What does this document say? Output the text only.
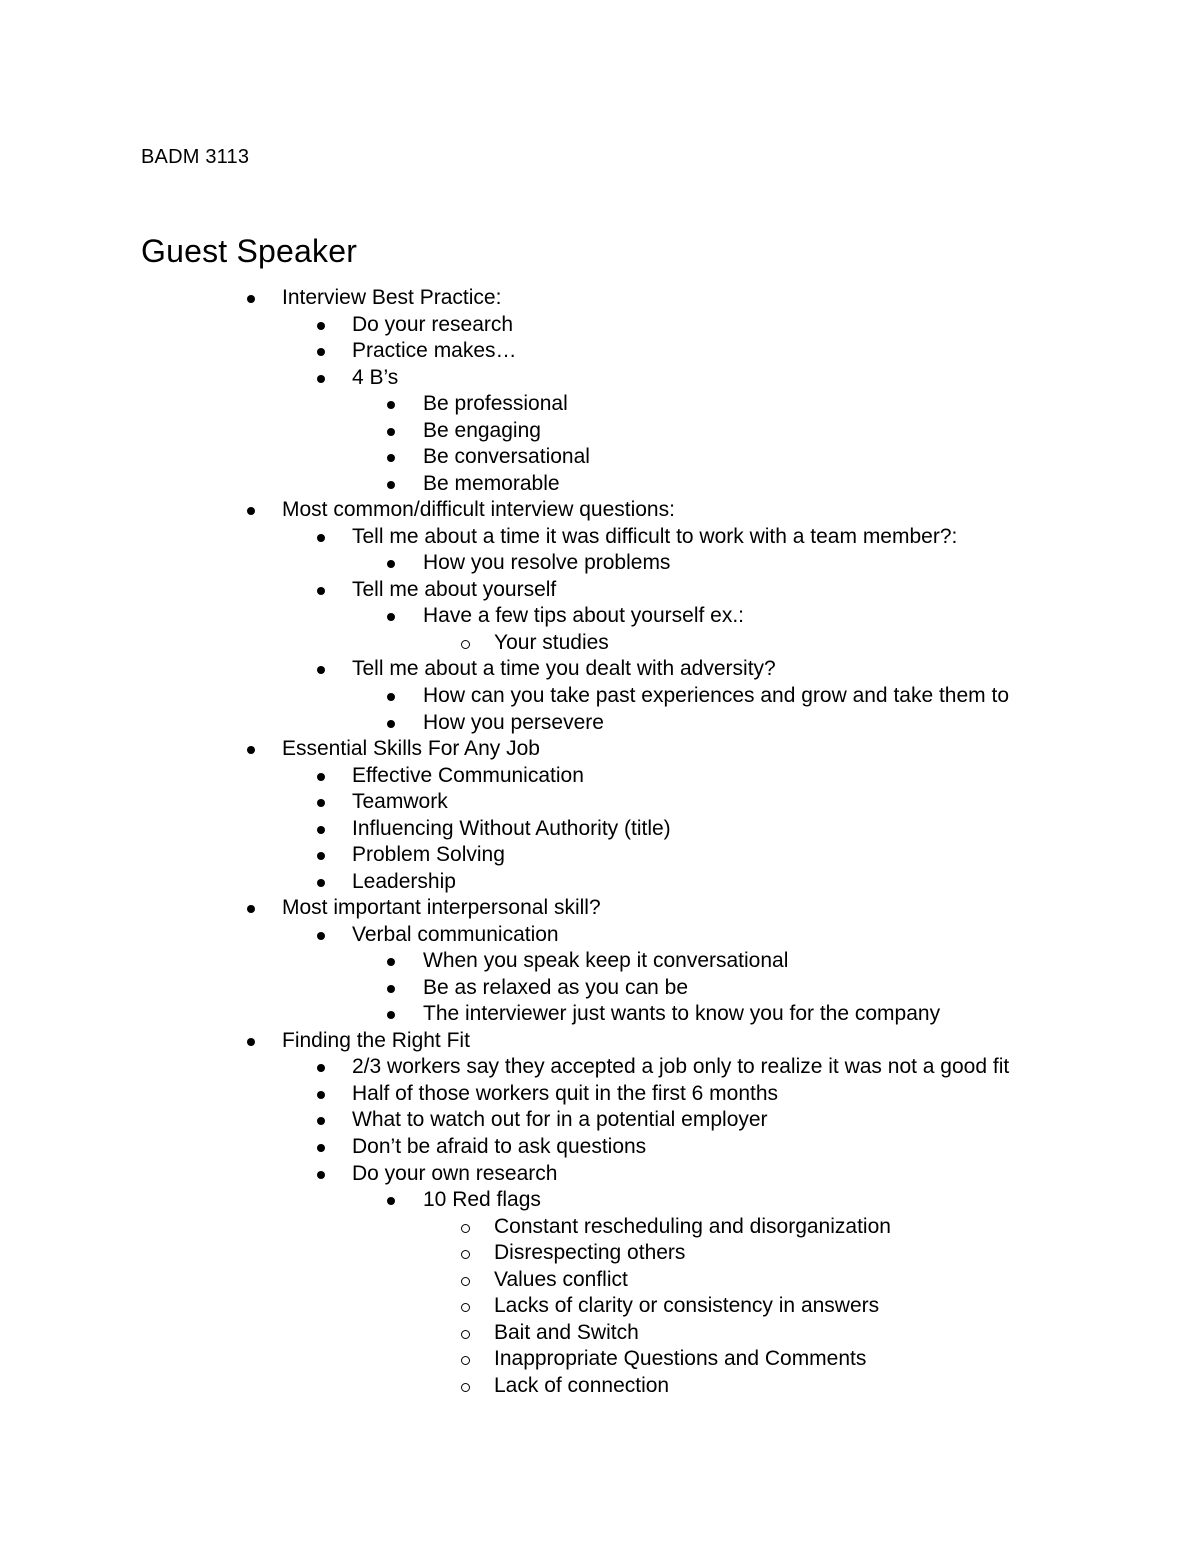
BADM 3113
Guest Speaker
Interview Best Practice:
Do your research
Practice makes…
4 B’s
Be professional
Be engaging
Be conversational
Be memorable
Most common/difficult interview questions:
Tell me about a time it was difficult to work with a team member?:
How you resolve problems
Tell me about yourself
Have a few tips about yourself ex.:
Your studies
Tell me about a time you dealt with adversity?
How can you take past experiences and grow and take them to
How you persevere
Essential Skills For Any Job
Effective Communication
Teamwork
Influencing Without Authority (title)
Problem Solving
Leadership
Most important interpersonal skill?
Verbal communication
When you speak keep it conversational
Be as relaxed as you can be
The interviewer just wants to know you for the company
Finding the Right Fit
2/3 workers say they accepted a job only to realize it was not a good fit
Half of those workers quit in the first 6 months
What to watch out for in a potential employer
Don’t be afraid to ask questions
Do your own research
10 Red flags
Constant rescheduling and disorganization
Disrespecting others
Values conflict
Lacks of clarity or consistency in answers
Bait and Switch
Inappropriate Questions and Comments
Lack of connection
